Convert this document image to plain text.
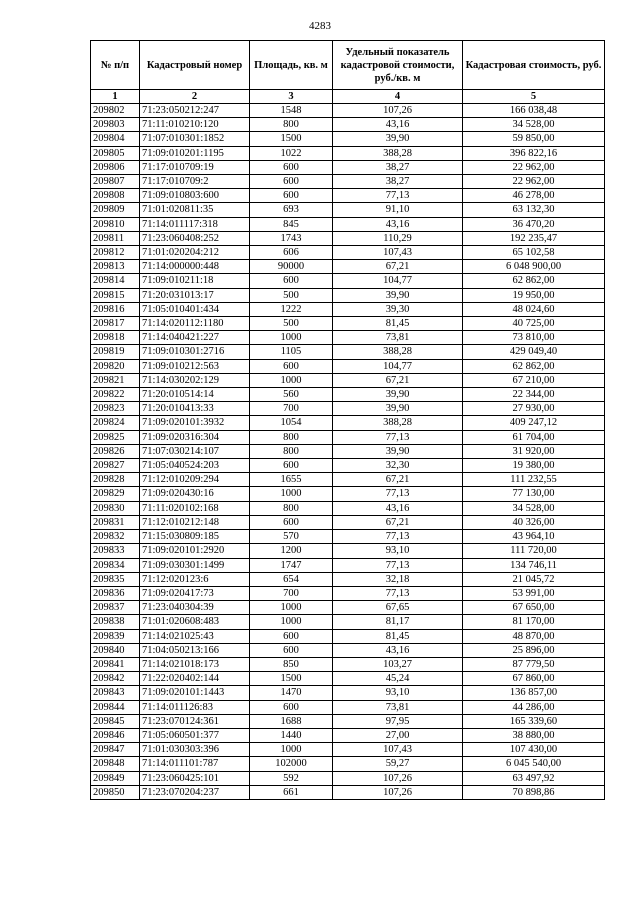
4283
№ п/п	Кадастровый номер	Площадь, кв. м	Удельный показатель кадастровой стоимости, руб./кв. м	Кадастровая стоимость, руб.
1	2	3	4	5
209802	71:23:050212:247	1548	107,26	166 038,48
209803	71:11:010210:120	800	43,16	34 528,00
209804	71:07:010301:1852	1500	39,90	59 850,00
209805	71:09:010201:1195	1022	388,28	396 822,16
209806	71:17:010709:19	600	38,27	22 962,00
209807	71:17:010709:2	600	38,27	22 962,00
209808	71:09:010803:600	600	77,13	46 278,00
209809	71:01:020811:35	693	91,10	63 132,30
209810	71:14:011117:318	845	43,16	36 470,20
209811	71:23:060408:252	1743	110,29	192 235,47
209812	71:01:020204:212	606	107,43	65 102,58
209813	71:14:000000:448	90000	67,21	6 048 900,00
209814	71:09:010211:18	600	104,77	62 862,00
209815	71:20:031013:17	500	39,90	19 950,00
209816	71:05:010401:434	1222	39,30	48 024,60
209817	71:14:020112:1180	500	81,45	40 725,00
209818	71:14:040421:227	1000	73,81	73 810,00
209819	71:09:010301:2716	1105	388,28	429 049,40
209820	71:09:010212:563	600	104,77	62 862,00
209821	71:14:030202:129	1000	67,21	67 210,00
209822	71:20:010514:14	560	39,90	22 344,00
209823	71:20:010413:33	700	39,90	27 930,00
209824	71:09:020101:3932	1054	388,28	409 247,12
209825	71:09:020316:304	800	77,13	61 704,00
209826	71:07:030214:107	800	39,90	31 920,00
209827	71:05:040524:203	600	32,30	19 380,00
209828	71:12:010209:294	1655	67,21	111 232,55
209829	71:09:020430:16	1000	77,13	77 130,00
209830	71:11:020102:168	800	43,16	34 528,00
209831	71:12:010212:148	600	67,21	40 326,00
209832	71:15:030809:185	570	77,13	43 964,10
209833	71:09:020101:2920	1200	93,10	111 720,00
209834	71:09:030301:1499	1747	77,13	134 746,11
209835	71:12:020123:6	654	32,18	21 045,72
209836	71:09:020417:73	700	77,13	53 991,00
209837	71:23:040304:39	1000	67,65	67 650,00
209838	71:01:020608:483	1000	81,17	81 170,00
209839	71:14:021025:43	600	81,45	48 870,00
209840	71:04:050213:166	600	43,16	25 896,00
209841	71:14:021018:173	850	103,27	87 779,50
209842	71:22:020402:144	1500	45,24	67 860,00
209843	71:09:020101:1443	1470	93,10	136 857,00
209844	71:14:011126:83	600	73,81	44 286,00
209845	71:23:070124:361	1688	97,95	165 339,60
209846	71:05:060501:377	1440	27,00	38 880,00
209847	71:01:030303:396	1000	107,43	107 430,00
209848	71:14:011101:787	102000	59,27	6 045 540,00
209849	71:23:060425:101	592	107,26	63 497,92
209850	71:23:070204:237	661	107,26	70 898,86
